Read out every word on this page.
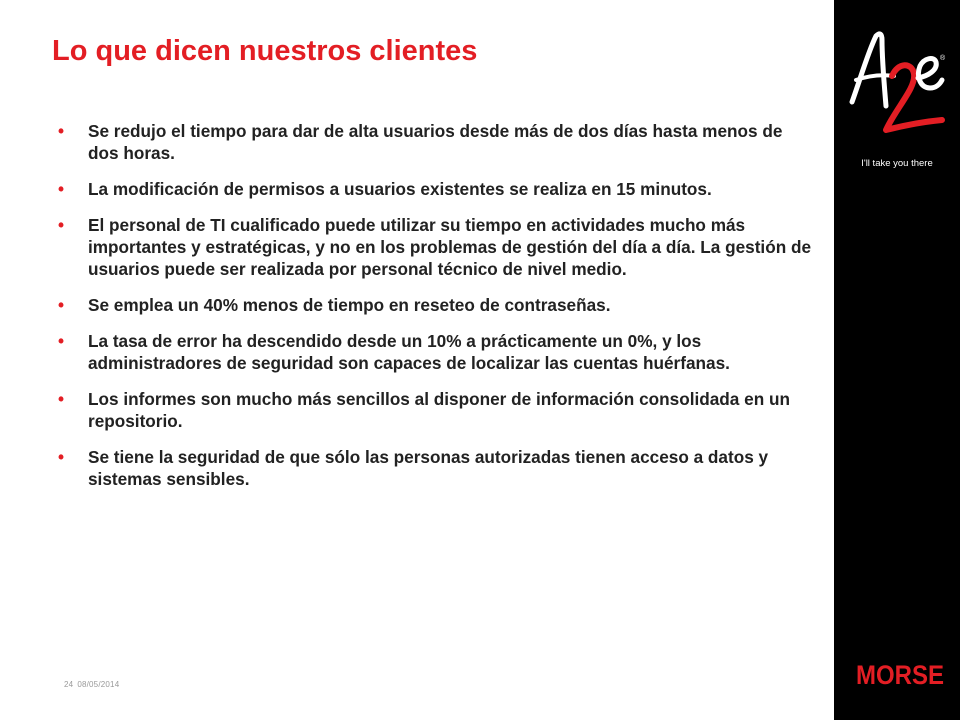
Lo que dicen nuestros clientes
• Se redujo el tiempo para dar de alta usuarios desde más de dos días hasta menos de dos horas.
• La modificación de permisos a usuarios existentes se realiza en 15 minutos.
• El personal de TI cualificado puede utilizar su tiempo en actividades mucho más importantes y estratégicas, y no en los problemas de gestión del día a día. La gestión de usuarios puede ser realizada por personal técnico de nivel medio.
• Se emplea un 40% menos de tiempo en reseteo de contraseñas.
• La tasa de error ha descendido desde un 10% a prácticamente un 0%, y los administradores de seguridad son capaces de localizar las cuentas huérfanas.
• Los informes son mucho más sencillos al disponer de información consolidada en un repositorio.
• Se tiene la seguridad de que sólo las personas autorizadas tienen acceso a datos y sistemas sensibles.
24 08/05/2014
®
I'll take you there
MORSE
